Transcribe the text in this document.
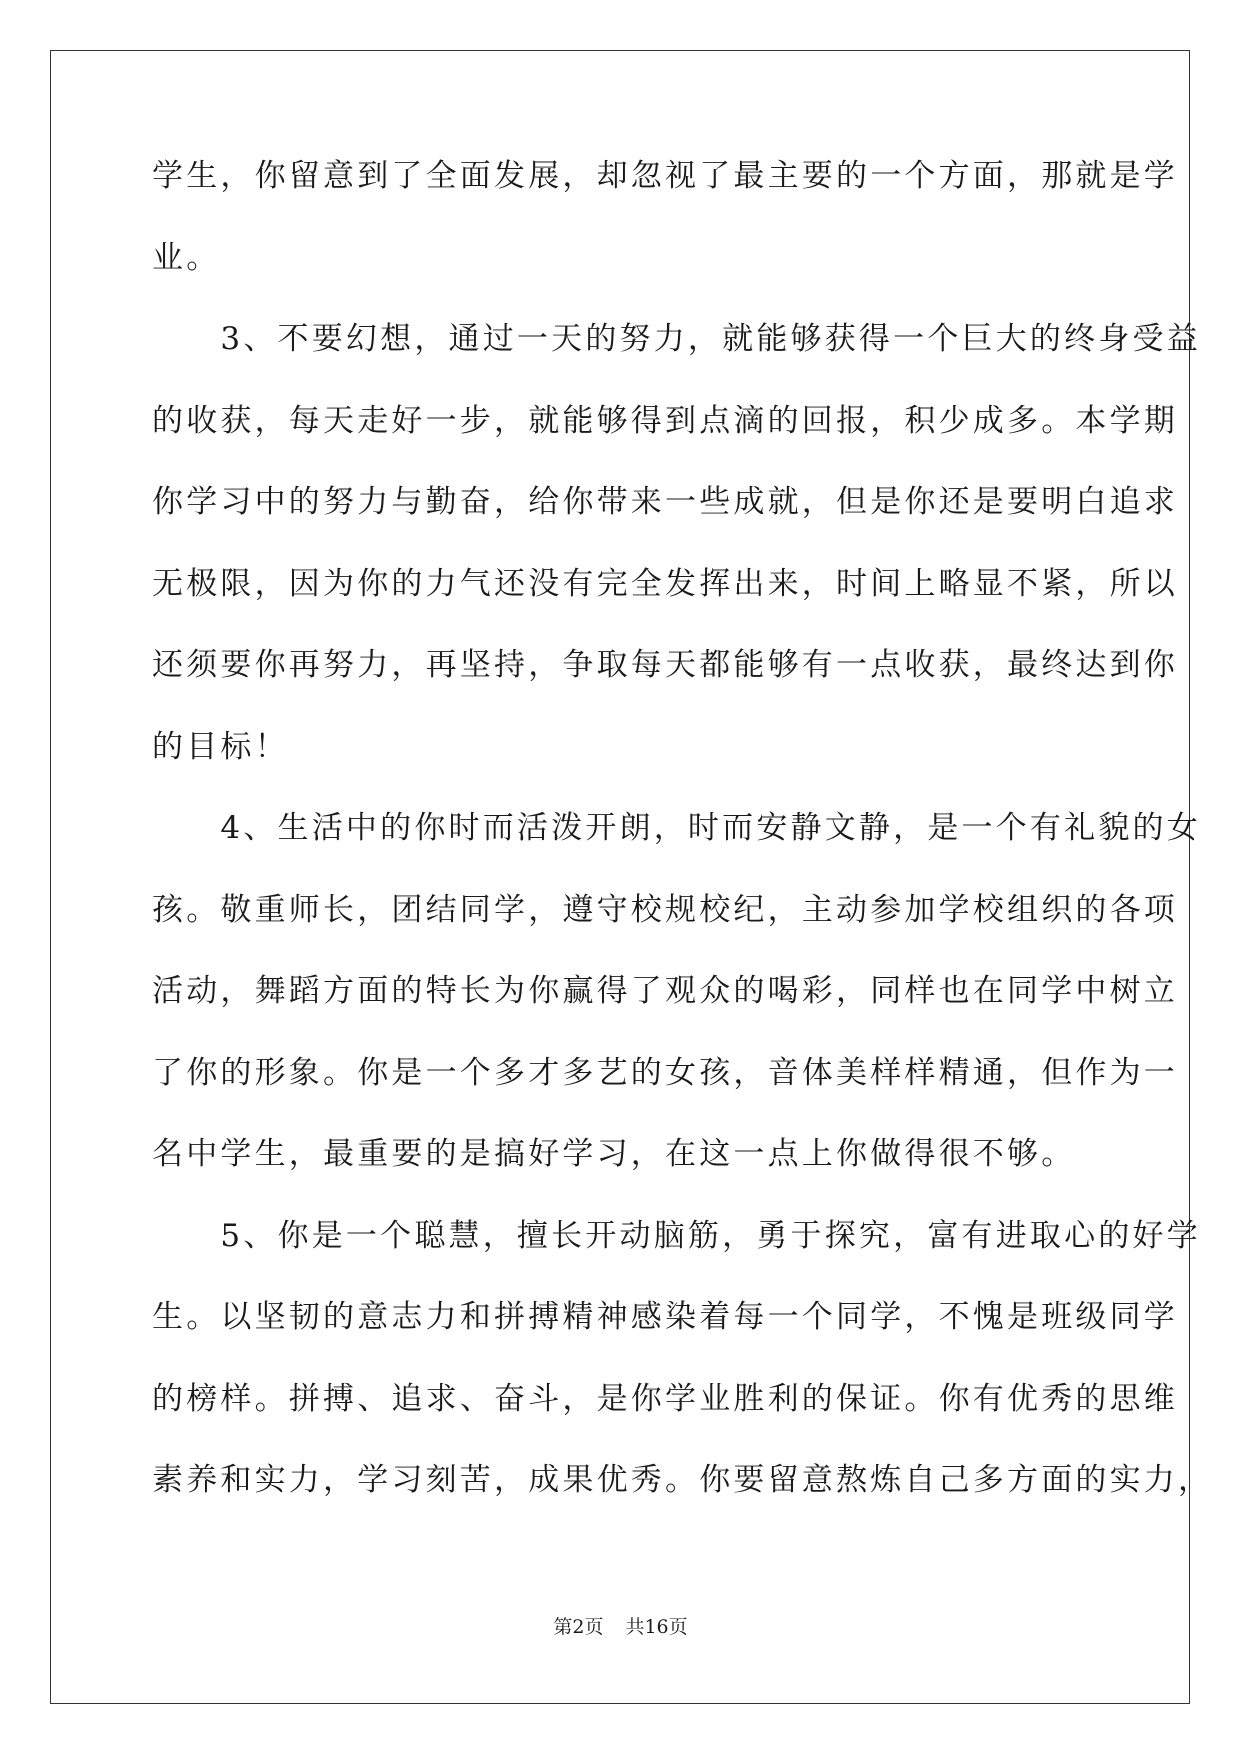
学生，你留意到了全面发展，却忽视了最主要的一个方面，那就是学
业。
　　3、不要幻想，通过一天的努力，就能够获得一个巨大的终身受益
的收获，每天走好一步，就能够得到点滴的回报，积少成多。本学期
你学习中的努力与勤奋，给你带来一些成就，但是你还是要明白追求
无极限，因为你的力气还没有完全发挥出来，时间上略显不紧，所以
还须要你再努力，再坚持，争取每天都能够有一点收获，最终达到你
的目标！
　　4、生活中的你时而活泼开朗，时而安静文静，是一个有礼貌的女
孩。敬重师长，团结同学，遵守校规校纪，主动参加学校组织的各项
活动，舞蹈方面的特长为你赢得了观众的喝彩，同样也在同学中树立
了你的形象。你是一个多才多艺的女孩，音体美样样精通，但作为一
名中学生，最重要的是搞好学习，在这一点上你做得很不够。
　　5、你是一个聪慧，擅长开动脑筋，勇于探究，富有进取心的好学
生。以坚韧的意志力和拼搏精神感染着每一个同学，不愧是班级同学
的榜样。拼搏、追求、奋斗，是你学业胜利的保证。你有优秀的思维
素养和实力，学习刻苦，成果优秀。你要留意熬炼自己多方面的实力，
第2页 共16页
